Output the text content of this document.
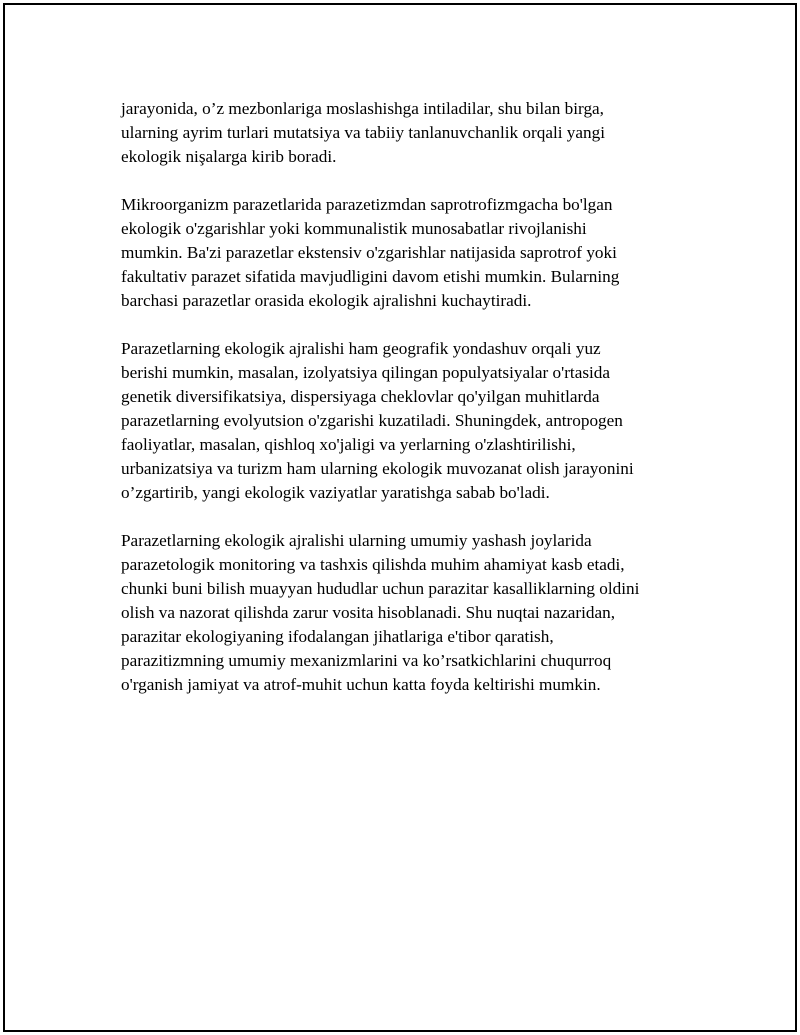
jarayonida, o’z mezbonlariga moslashishga intiladilar, shu bilan birga,
ularning ayrim turlari mutatsiya va tabiiy tanlanuvchanlik orqali yangi
ekologik nişalarga kirib boradi.

Mikroorganizm parazetlarida parazetizmdan saprotrofizmgacha bo'lgan
ekologik o'zgarishlar yoki kommunalistik munosabatlar rivojlanishi
mumkin. Ba'zi parazetlar ekstensiv o'zgarishlar natijasida saprotrof yoki
fakultativ parazet sifatida mavjudligini davom etishi mumkin. Bularning
barchasi parazetlar orasida ekologik ajralishni kuchaytiradi.

Parazetlarning ekologik ajralishi ham geografik yondashuv orqali yuz
berishi mumkin, masalan, izolyatsiya qilingan populyatsiyalar o'rtasida
genetik diversifikatsiya, dispersiyaga cheklovlar qo'yilgan muhitlarda
parazetlarning evolyutsion o'zgarishi kuzatiladi. Shuningdek, antropogen
faoliyatlar, masalan, qishloq xo'jaligi va yerlarning o'zlashtirilishi,
urbanizatsiya va turizm ham ularning ekologik muvozanat olish jarayonini
o’zgartirib, yangi ekologik vaziyatlar yaratishga sabab bo'ladi.

Parazetlarning ekologik ajralishi ularning umumiy yashash joylarida
parazetologik monitoring va tashxis qilishda muhim ahamiyat kasb etadi,
chunki buni bilish muayyan hududlar uchun parazitar kasalliklarning oldini
olish va nazorat qilishda zarur vosita hisoblanadi. Shu nuqtai nazaridan,
parazitar ekologiyaning ifodalangan jihatlariga e'tibor qaratish,
parazitizmning umumiy mexanizmlarini va ko’rsatkichlarini chuqurroq
o'rganish jamiyat va atrof-muhit uchun katta foyda keltirishi mumkin.
